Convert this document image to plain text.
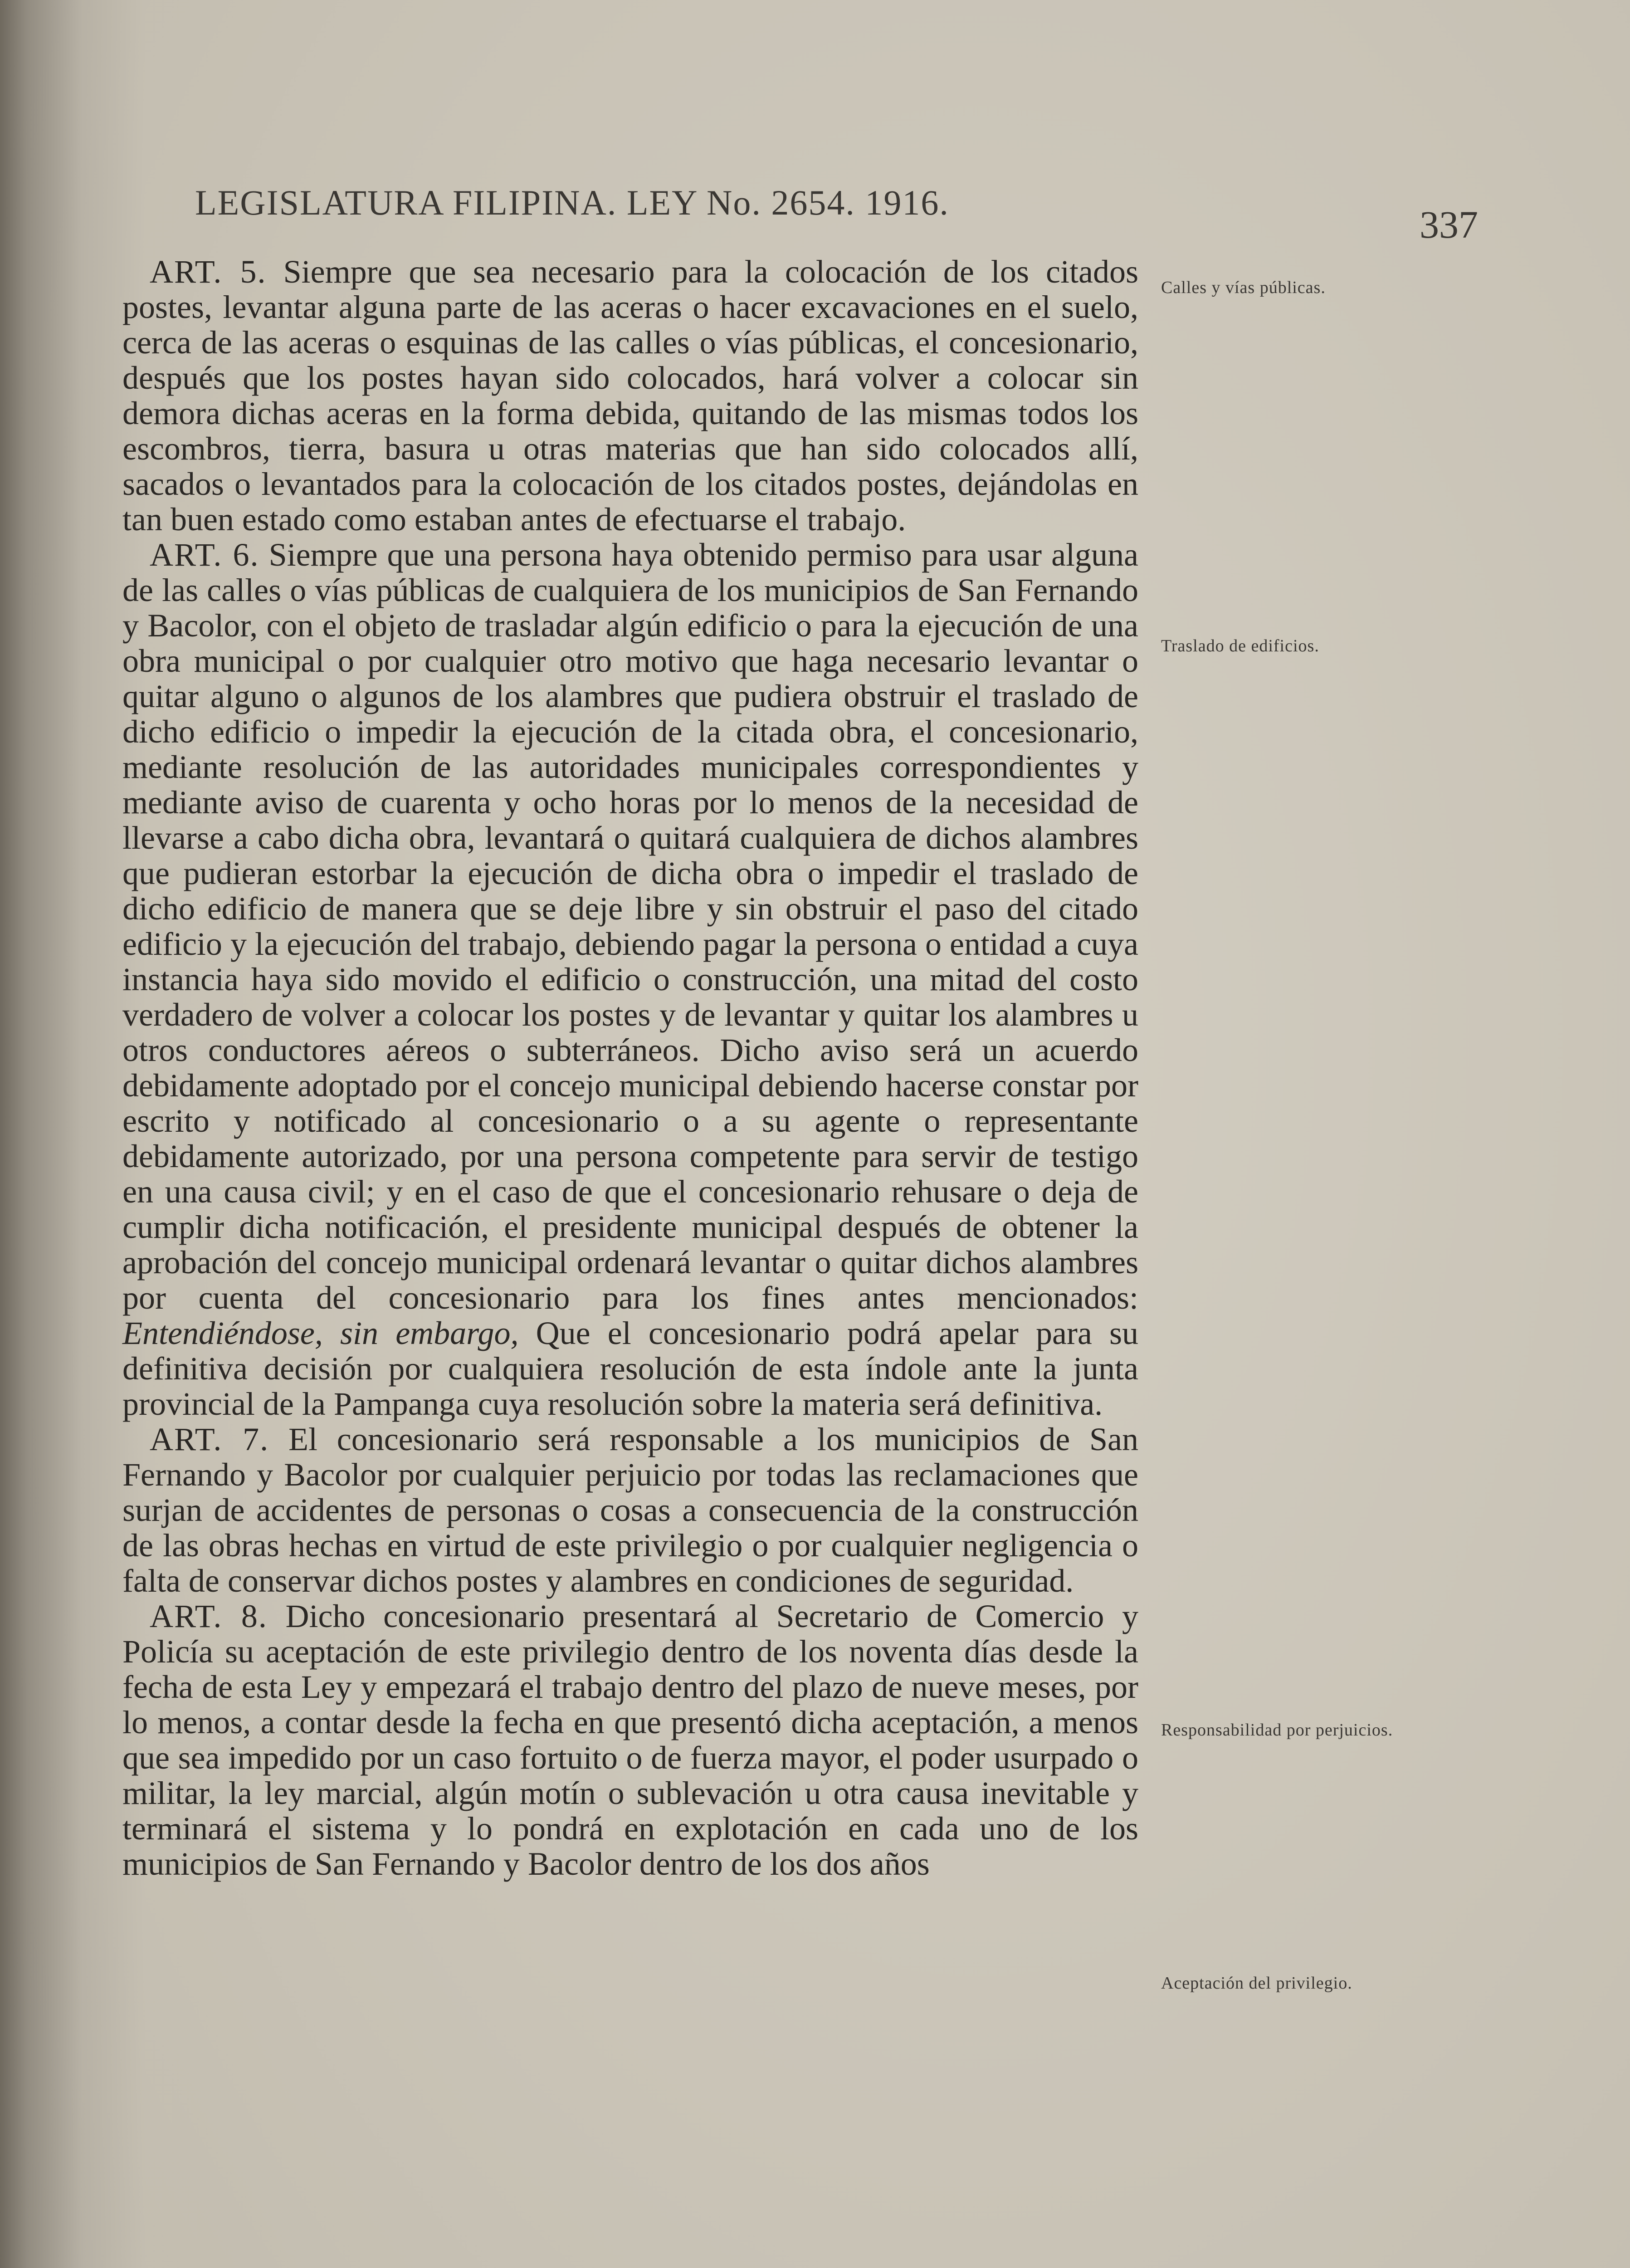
LEGISLATURA FILIPINA. LEY No. 2654. 1916.
337

ART. 5. Siempre que sea necesario para la colocación de los citados postes, levantar alguna parte de las aceras o hacer excavaciones en el suelo, cerca de las aceras o esquinas de las calles o vías públicas, el concesionario, después que los postes hayan sido colocados, hará volver a colocar sin demora dichas aceras en la forma debida, quitando de las mismas todos los escombros, tierra, basura u otras materias que han sido colocados allí, sacados o levantados para la colocación de los citados postes, dejándolas en tan buen estado como estaban antes de efectuarse el trabajo.

ART. 6. Siempre que una persona haya obtenido permiso para usar alguna de las calles o vías públicas de cualquiera de los municipios de San Fernando y Bacolor, con el objeto de trasladar algún edificio o para la ejecución de una obra municipal o por cualquier otro motivo que haga necesario levantar o quitar alguno o algunos de los alambres que pudiera obstruir el traslado de dicho edificio o impedir la ejecución de la citada obra, el concesionario, mediante resolución de las autoridades municipales correspondientes y mediante aviso de cuarenta y ocho horas por lo menos de la necesidad de llevarse a cabo dicha obra, levantará o quitará cualquiera de dichos alambres que pudieran estorbar la ejecución de dicha obra o impedir el traslado de dicho edificio de manera que se deje libre y sin obstruir el paso del citado edificio y la ejecución del trabajo, debiendo pagar la persona o entidad a cuya instancia haya sido movido el edificio o construcción, una mitad del costo verdadero de volver a colocar los postes y de levantar y quitar los alambres u otros conductores aéreos o subterráneos. Dicho aviso será un acuerdo debidamente adoptado por el concejo municipal debiendo hacerse constar por escrito y notificado al concesionario o a su agente o representante debidamente autorizado, por una persona competente para servir de testigo en una causa civil; y en el caso de que el concesionario rehusare o deja de cumplir dicha notificación, el presidente municipal después de obtener la aprobación del concejo municipal ordenará levantar o quitar dichos alambres por cuenta del concesionario para los fines antes mencionados: Entendiéndose, sin embargo, Que el concesionario podrá apelar para su definitiva decisión por cualquiera resolución de esta índole ante la junta provincial de la Pampanga cuya resolución sobre la materia será definitiva.

ART. 7. El concesionario será responsable a los municipios de San Fernando y Bacolor por cualquier perjuicio por todas las reclamaciones que surjan de accidentes de personas o cosas a consecuencia de la construcción de las obras hechas en virtud de este privilegio o por cualquier negligencia o falta de conservar dichos postes y alambres en condiciones de seguridad.

ART. 8. Dicho concesionario presentará al Secretario de Comercio y Policía su aceptación de este privilegio dentro de los noventa días desde la fecha de esta Ley y empezará el trabajo dentro del plazo de nueve meses, por lo menos, a contar desde la fecha en que presentó dicha aceptación, a menos que sea impedido por un caso fortuito o de fuerza mayor, el poder usurpado o militar, la ley marcial, algún motín o sublevación u otra causa inevitable y terminará el sistema y lo pondrá en explotación en cada uno de los municipios de San Fernando y Bacolor dentro de los dos años

Calles y vías públicas.
Traslado de edificios.
Responsabilidad por perjuicios.
Aceptación del privilegio.
